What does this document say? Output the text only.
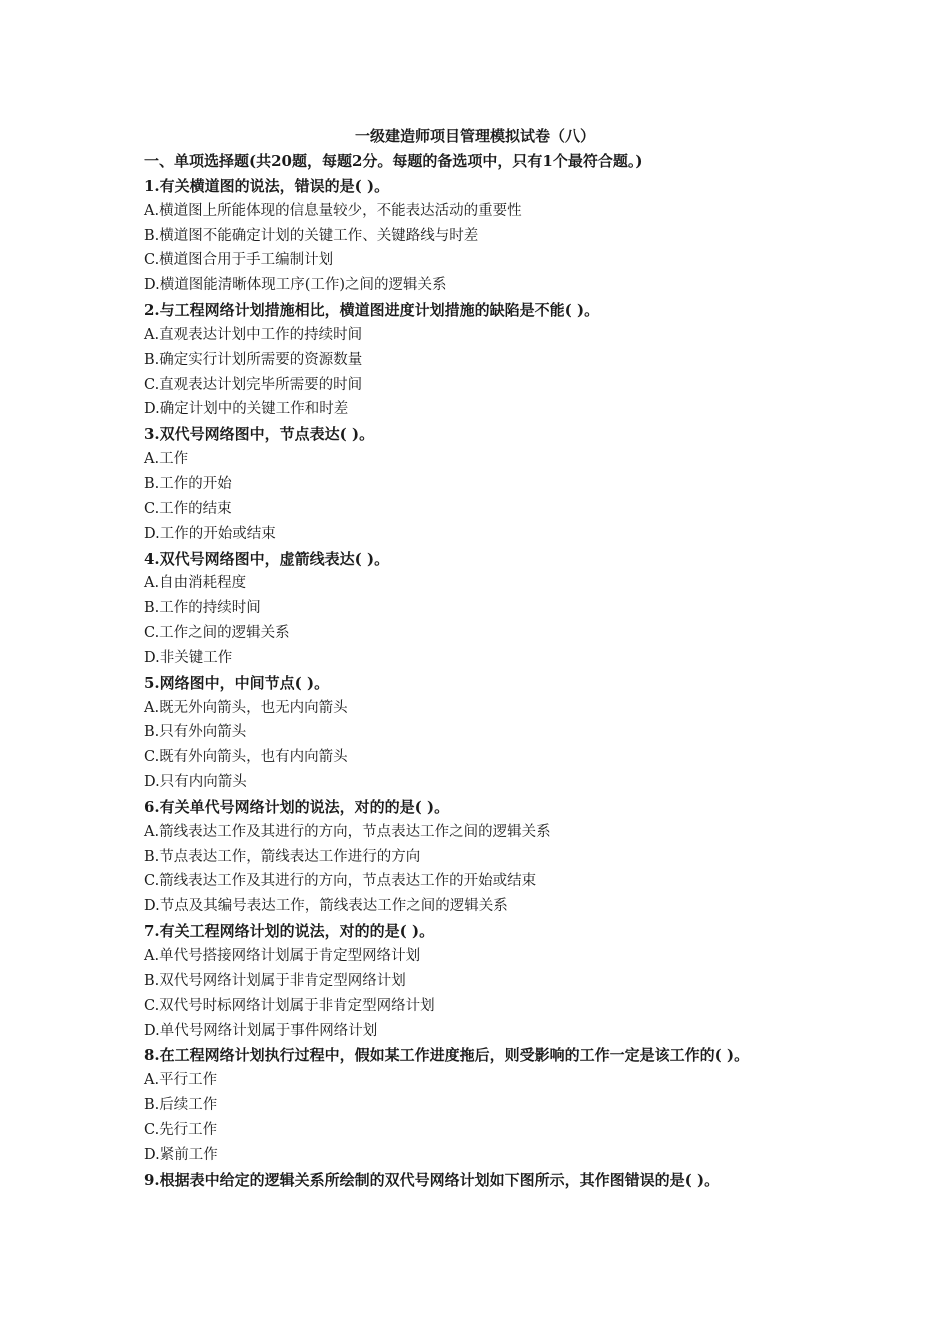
一级建造师项目管理模拟试卷（八）
一、单项选择题(共20题，每题2分。每题的备选项中，只有1个最符合题。)
1.有关横道图的说法，错误的是( )。
A.横道图上所能体现的信息量较少，不能表达活动的重要性
B.横道图不能确定计划的关键工作、关键路线与时差
C.横道图合用于手工编制计划
D.横道图能清晰体现工序(工作)之间的逻辑关系
2.与工程网络计划措施相比，横道图进度计划措施的缺陷是不能( )。
A.直观表达计划中工作的持续时间
B.确定实行计划所需要的资源数量
C.直观表达计划完毕所需要的时间
D.确定计划中的关键工作和时差
3.双代号网络图中，节点表达( )。
A.工作
B.工作的开始
C.工作的结束
D.工作的开始或结束
4.双代号网络图中，虚箭线表达( )。
A.自由消耗程度
B.工作的持续时间
C.工作之间的逻辑关系
D.非关键工作
5.网络图中，中间节点( )。
A.既无外向箭头，也无内向箭头
B.只有外向箭头
C.既有外向箭头，也有内向箭头
D.只有内向箭头
6.有关单代号网络计划的说法，对的的是( )。
A.箭线表达工作及其进行的方向，节点表达工作之间的逻辑关系
B.节点表达工作，箭线表达工作进行的方向
C.箭线表达工作及其进行的方向，节点表达工作的开始或结束
D.节点及其编号表达工作，箭线表达工作之间的逻辑关系
7.有关工程网络计划的说法，对的的是( )。
A.单代号搭接网络计划属于肯定型网络计划
B.双代号网络计划属于非肯定型网络计划
C.双代号时标网络计划属于非肯定型网络计划
D.单代号网络计划属于事件网络计划
8.在工程网络计划执行过程中，假如某工作进度拖后，则受影响的工作一定是该工作的( )。
A.平行工作
B.后续工作
C.先行工作
D.紧前工作
9.根据表中给定的逻辑关系所绘制的双代号网络计划如下图所示，其作图错误的是( )。
